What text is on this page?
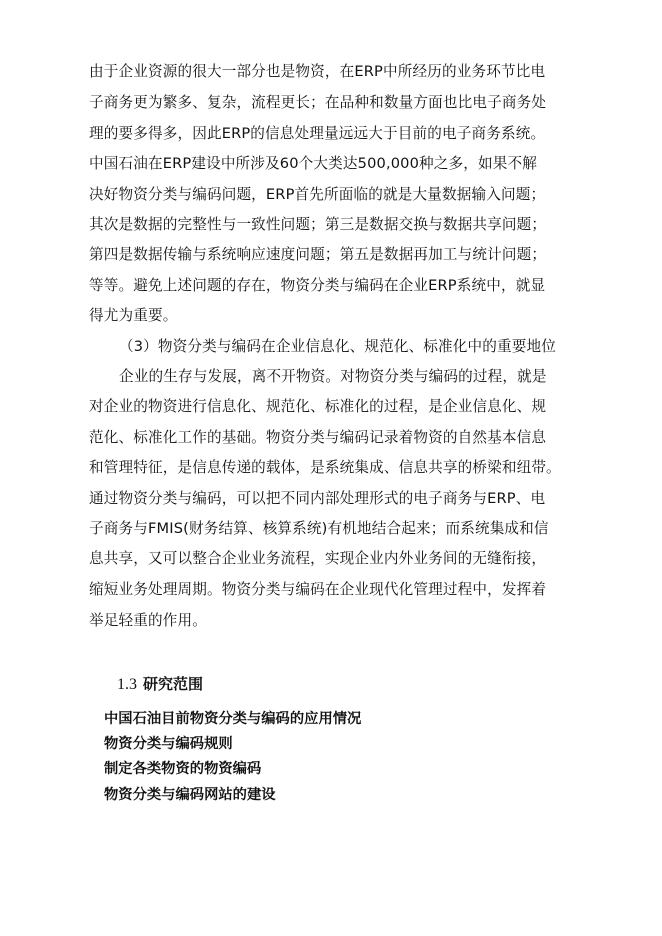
由于企业资源的很大一部分也是物资，在ERP中所经历的业务环节比电
子商务更为繁多、复杂，流程更长；在品种和数量方面也比电子商务处
理的要多得多，因此ERP的信息处理量远远大于目前的电子商务系统。
中国石油在ERP建设中所涉及60个大类达500,000种之多，如果不解
决好物资分类与编码问题，ERP首先所面临的就是大量数据输入问题；
其次是数据的完整性与一致性问题；第三是数据交换与数据共享问题；
第四是数据传输与系统响应速度问题；第五是数据再加工与统计问题；
等等。避免上述问题的存在，物资分类与编码在企业ERP系统中，就显
得尤为重要。
（3）物资分类与编码在企业信息化、规范化、标准化中的重要地位
企业的生存与发展，离不开物资。对物资分类与编码的过程，就是
对企业的物资进行信息化、规范化、标准化的过程，是企业信息化、规
范化、标准化工作的基础。物资分类与编码记录着物资的自然基本信息
和管理特征，是信息传递的载体，是系统集成、信息共享的桥梁和纽带。
通过物资分类与编码，可以把不同内部处理形式的电子商务与ERP、电
子商务与FMIS(财务结算、核算系统)有机地结合起来；而系统集成和信
息共享，又可以整合企业业务流程，实现企业内外业务间的无缝衔接，
缩短业务处理周期。物资分类与编码在企业现代化管理过程中，发挥着
举足轻重的作用。
1.3 研究范围
中国石油目前物资分类与编码的应用情况
物资分类与编码规则
制定各类物资的物资编码
物资分类与编码网站的建设
